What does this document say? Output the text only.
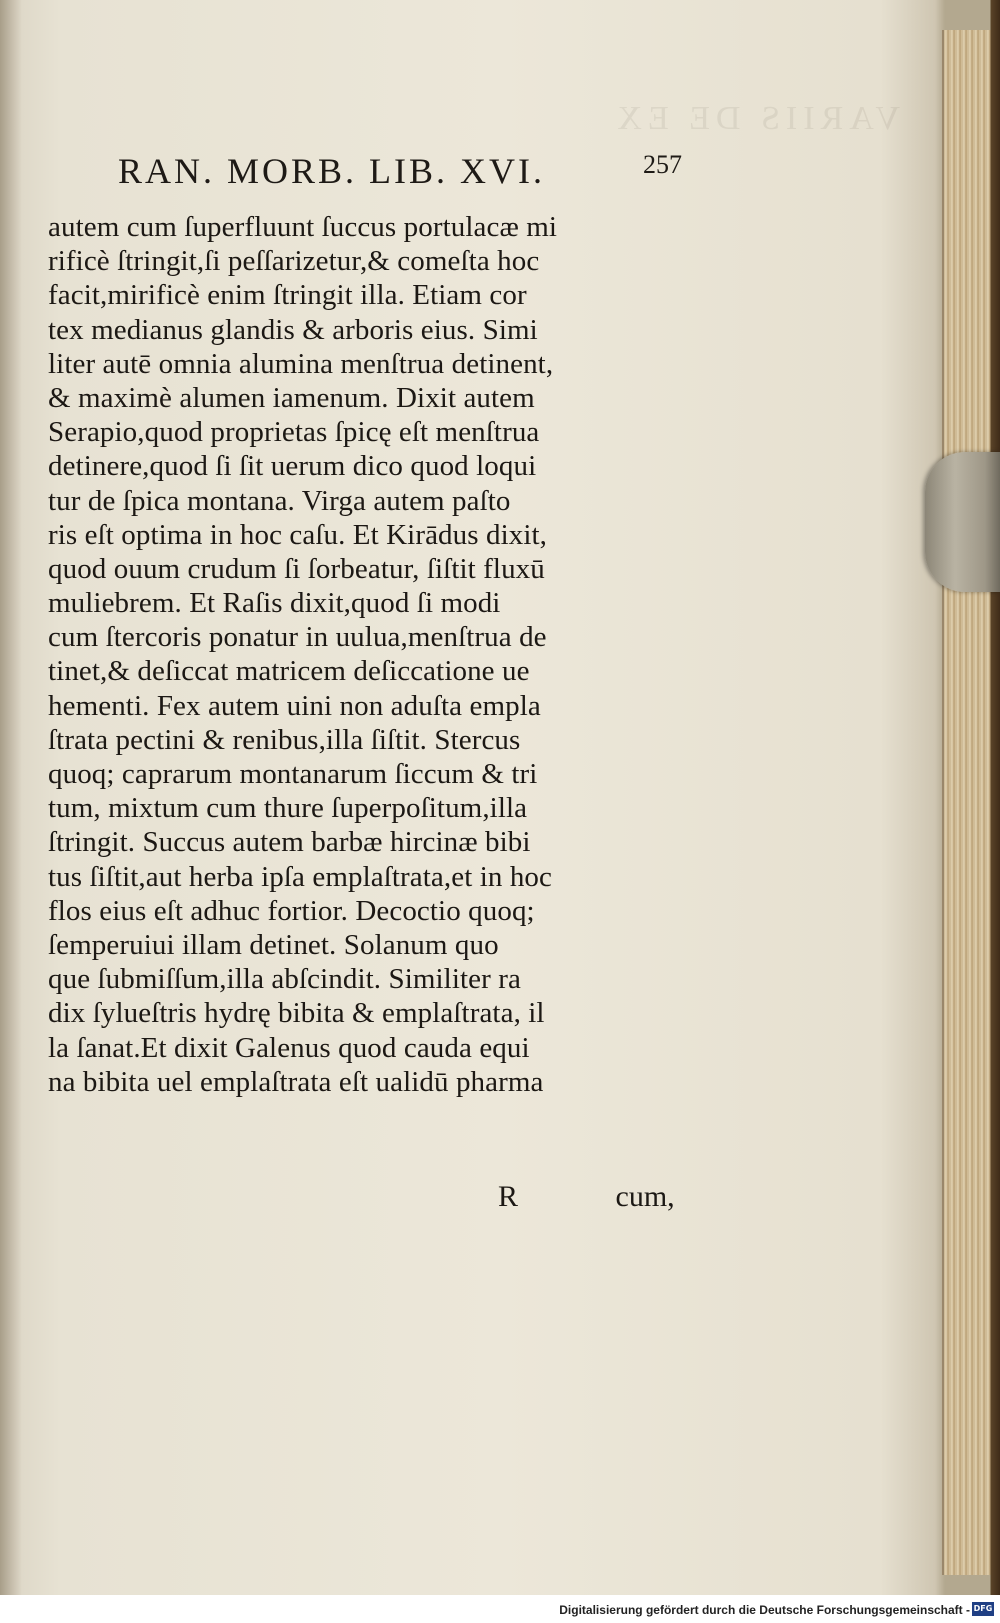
VARIIS DE EX
RAN. MORB. LIB. XVI.	257
autem cum ſuperfluunt ſuccus portulacæ mi
rificè ſtringit,ſi peſſarizetur,& comeſta hoc
facit,mirificè enim ſtringit illa. Etiam cor
tex medianus glandis & arboris eius. Simi
liter autē omnia alumina menſtrua detinent,
& maximè alumen iamenum. Dixit autem
Serapio,quod proprietas ſpicę eſt menſtrua
detinere,quod ſi ſit uerum dico quod loqui
tur de ſpica montana. Virga autem paſto
ris eſt optima in hoc caſu. Et Kirādus dixit,
quod ouum crudum ſi ſorbeatur, ſiſtit fluxū
muliebrem. Et Raſis dixit,quod ſi modi
cum ſtercoris ponatur in uulua,menſtrua de
tinet,& deſiccat matricem deſiccatione ue
hementi. Fex autem uini non aduſta empla
ſtrata pectini & renibus,illa ſiſtit. Stercus
quoq; caprarum montanarum ſiccum & tri
tum, mixtum cum thure ſuperpoſitum,illa
ſtringit. Succus autem barbæ hircinæ bibi
tus ſiſtit,aut herba ipſa emplaſtrata,et in hoc
flos eius eſt adhuc fortior. Decoctio quoq;
ſemperuiui illam detinet. Solanum quo
que ſubmiſſum,illa abſcindit. Similiter ra
dix ſylueſtris hydrę bibita & emplaſtrata, il
la ſanat.Et dixit Galenus quod cauda equi
na bibita uel emplaſtrata eſt ualidū pharma
R	cum,
Digitalisierung gefördert durch die Deutsche Forschungsgemeinschaft - DFG
